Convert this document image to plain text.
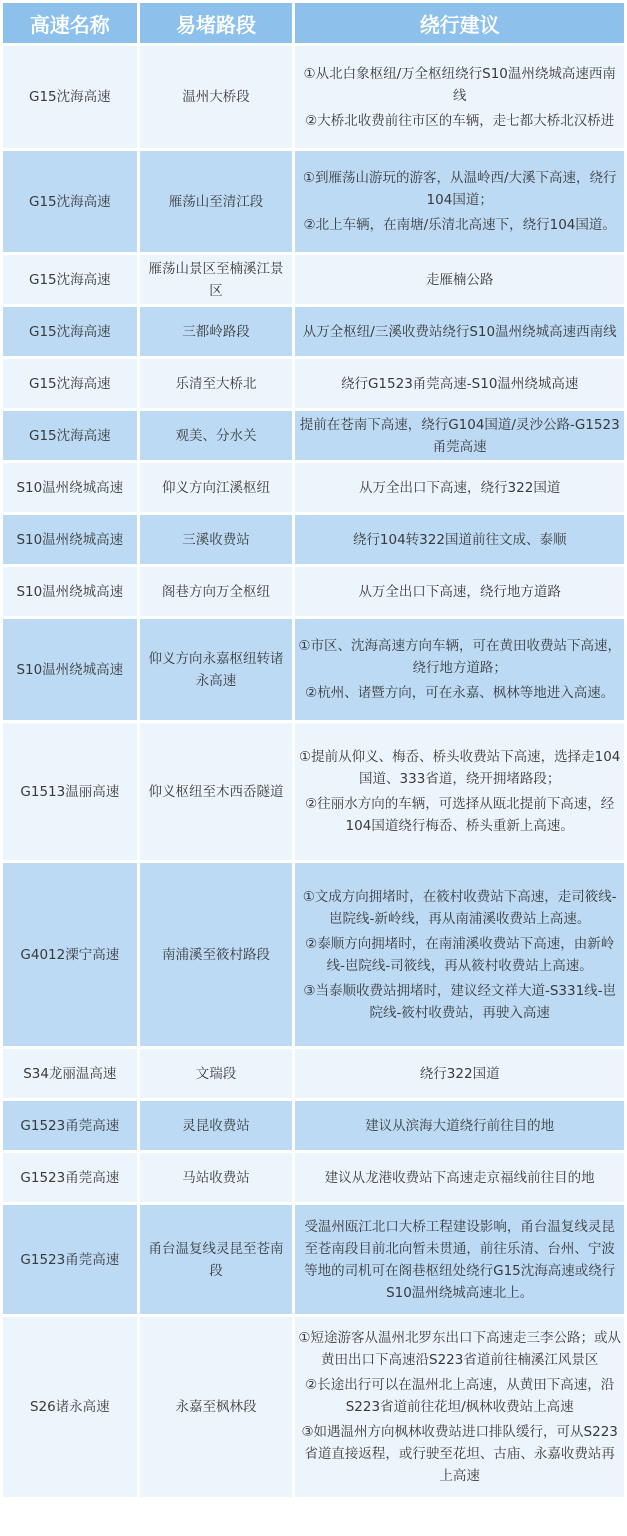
高速名称	易堵路段	绕行建议
G15沈海高速	温州大桥段	①从北白象枢纽/万全枢纽绕行S10温州绕城高速西南线

②大桥北收费前往市区的车辆，走七都大桥北汉桥进

G15沈海高速	雁荡山至清江段	①到雁荡山游玩的游客，从温岭西/大溪下高速，绕行104国道；

②北上车辆，在南塘/乐清北高速下，绕行104国道。

G15沈海高速	雁荡山景区至楠溪江景区	走雁楠公路

G15沈海高速	三都岭路段	从万全枢纽/三溪收费站绕行S10温州绕城高速西南线

G15沈海高速	乐清至大桥北	绕行G1523甬莞高速-S10温州绕城高速

G15沈海高速	观美、分水关	提前在苍南下高速，绕行G104国道/灵沙公路-G1523甬莞高速

S10温州绕城高速	仰义方向江溪枢纽	从万全出口下高速，绕行322国道

S10温州绕城高速	三溪收费站	绕行104转322国道前往文成、泰顺

S10温州绕城高速	阁巷方向万全枢纽	从万全出口下高速，绕行地方道路

S10温州绕城高速	仰义方向永嘉枢纽转诸永高速	①市区、沈海高速方向车辆，可在黄田收费站下高速，绕行地方道路；

②杭州、诸暨方向，可在永嘉、枫林等地进入高速。

G1513温丽高速	仰义枢纽至木西岙隧道	①提前从仰义、梅岙、桥头收费站下高速，选择走104国道、333省道，绕开拥堵路段；

②往丽水方向的车辆，可选择从瓯北提前下高速，经104国道绕行梅岙、桥头重新上高速。

G4012溧宁高速	南浦溪至筱村路段	①文成方向拥堵时，在筱村收费站下高速，走司筱线-岜院线-新岭线，再从南浦溪收费站上高速。

②泰顺方向拥堵时，在南浦溪收费站下高速，由新岭线-岜院线-司筱线，再从筱村收费站上高速。

③当泰顺收费站拥堵时，建议经文祥大道-S331线-岜院线-筱村收费站，再驶入高速

S34龙丽温高速	文瑞段	绕行322国道

G1523甬莞高速	灵昆收费站	建议从滨海大道绕行前往目的地

G1523甬莞高速	马站收费站	建议从龙港收费站下高速走京福线前往目的地

G1523甬莞高速	甬台温复线灵昆至苍南段	受温州瓯江北口大桥工程建设影响，甬台温复线灵昆至苍南段目前北向暂未贯通，前往乐清、台州、宁波等地的司机可在阁巷枢纽处绕行G15沈海高速或绕行S10温州绕城高速北上。

S26诸永高速	永嘉至枫林段	①短途游客从温州北罗东出口下高速走三李公路；或从黄田出口下高速沿S223省道前往楠溪江风景区

②长途出行可以在温州北上高速，从黄田下高速，沿S223省道前往花坦/枫林收费站上高速

③如遇温州方向枫林收费站进口排队缓行，可从S223省道直接返程，或行驶至花坦、古庙、永嘉收费站再上高速
